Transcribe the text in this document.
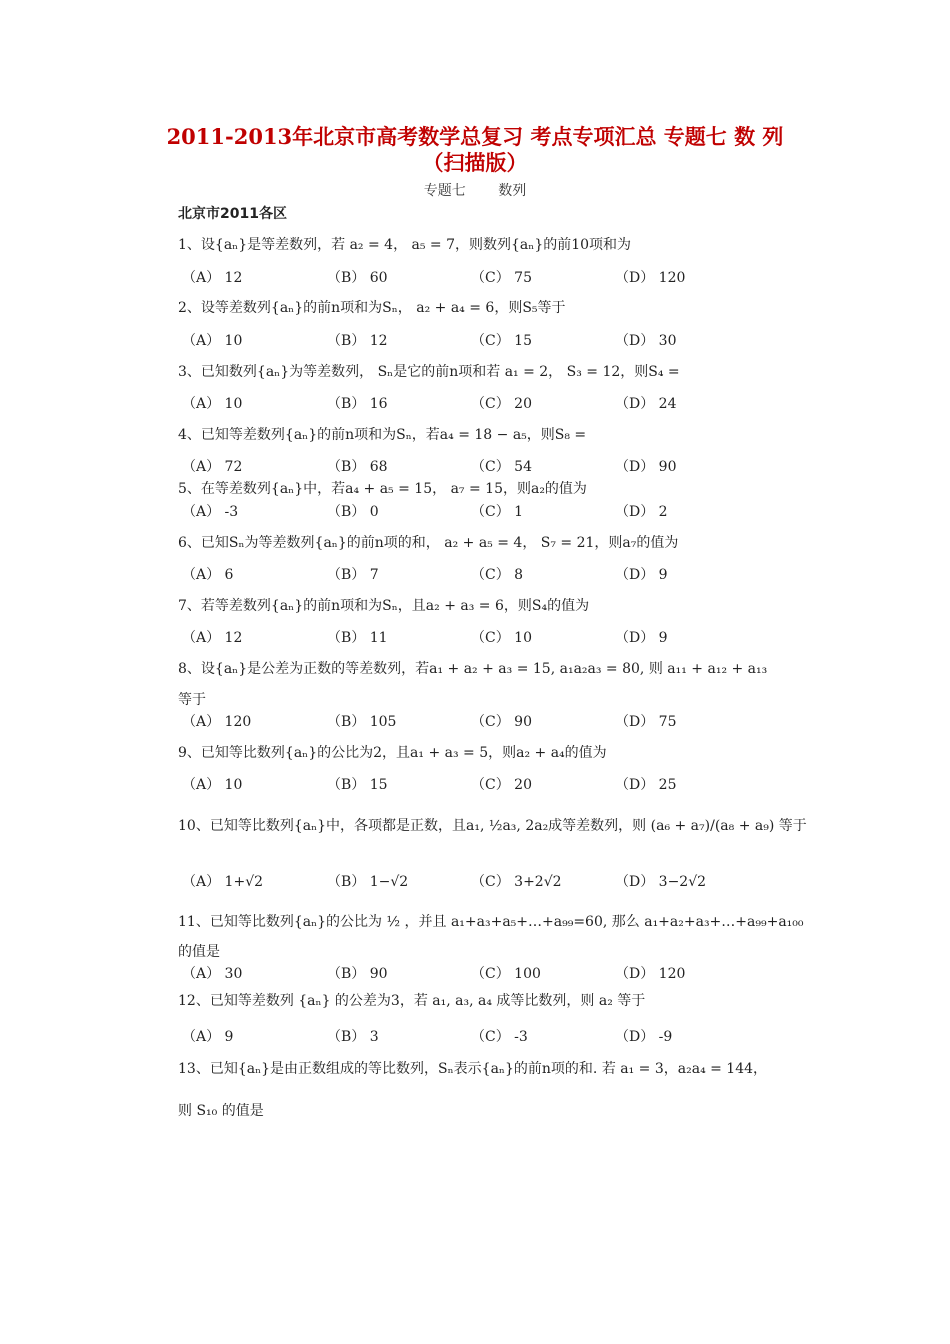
2011-2013年北京市高考数学总复习 考点专项汇总 专题七 数 列
（扫描版）
专题七 数列
北京市2011各区
1、设{aₙ}是等差数列，若 a₂ = 4， a₅ = 7，则数列{aₙ}的前10项和为
（A） 12	（B） 60	（C） 75	（D） 120
2、设等差数列{aₙ}的前n项和为Sₙ， a₂ + a₄ = 6，则S₅等于
（A） 10	（B） 12	（C） 15	（D） 30
3、已知数列{aₙ}为等差数列， Sₙ是它的前n项和若 a₁ = 2， S₃ = 12，则S₄ =
（A） 10	（B） 16	（C） 20	（D） 24
4、已知等差数列{aₙ}的前n项和为Sₙ，若a₄ = 18 − a₅，则S₈ =
（A） 72	（B） 68	（C） 54	（D） 90
5、在等差数列{aₙ}中，若a₄ + a₅ = 15， a₇ = 15，则a₂的值为
（A） -3	（B） 0	（C） 1	（D） 2
6、已知Sₙ为等差数列{aₙ}的前n项的和， a₂ + a₅ = 4， S₇ = 21，则a₇的值为
（A） 6	（B） 7	（C） 8	（D） 9
7、若等差数列{aₙ}的前n项和为Sₙ，且a₂ + a₃ = 6，则S₄的值为
（A） 12	（B） 11	（C） 10	（D） 9
8、设{aₙ}是公差为正数的等差数列，若a₁ + a₂ + a₃ = 15, a₁a₂a₃ = 80, 则 a₁₁ + a₁₂ + a₁₃
等于
（A） 120	（B） 105	（C） 90	（D） 75
9、已知等比数列{aₙ}的公比为2，且a₁ + a₃ = 5，则a₂ + a₄的值为
（A） 10	（B） 15	（C） 20	（D） 25
10、已知等比数列{aₙ}中，各项都是正数，且a₁, ½a₃, 2a₂成等差数列，则 (a₆ + a₇)/(a₈ + a₉) 等于
（A） 1+√2	（B） 1−√2	（C） 3+2√2	（D） 3−2√2
11、已知等比数列{aₙ}的公比为 ½ ，并且 a₁+a₃+a₅+…+a₉₉=60, 那么 a₁+a₂+a₃+…+a₉₉+a₁₀₀
的值是
（A） 30	（B） 90	（C） 100	（D） 120
12、已知等差数列 {aₙ} 的公差为3，若 a₁, a₃, a₄ 成等比数列，则 a₂ 等于
（A） 9	（B） 3	（C） -3	（D） -9
13、已知{aₙ}是由正数组成的等比数列，Sₙ表示{aₙ}的前n项的和. 若 a₁ = 3，a₂a₄ = 144，
则 S₁₀ 的值是
